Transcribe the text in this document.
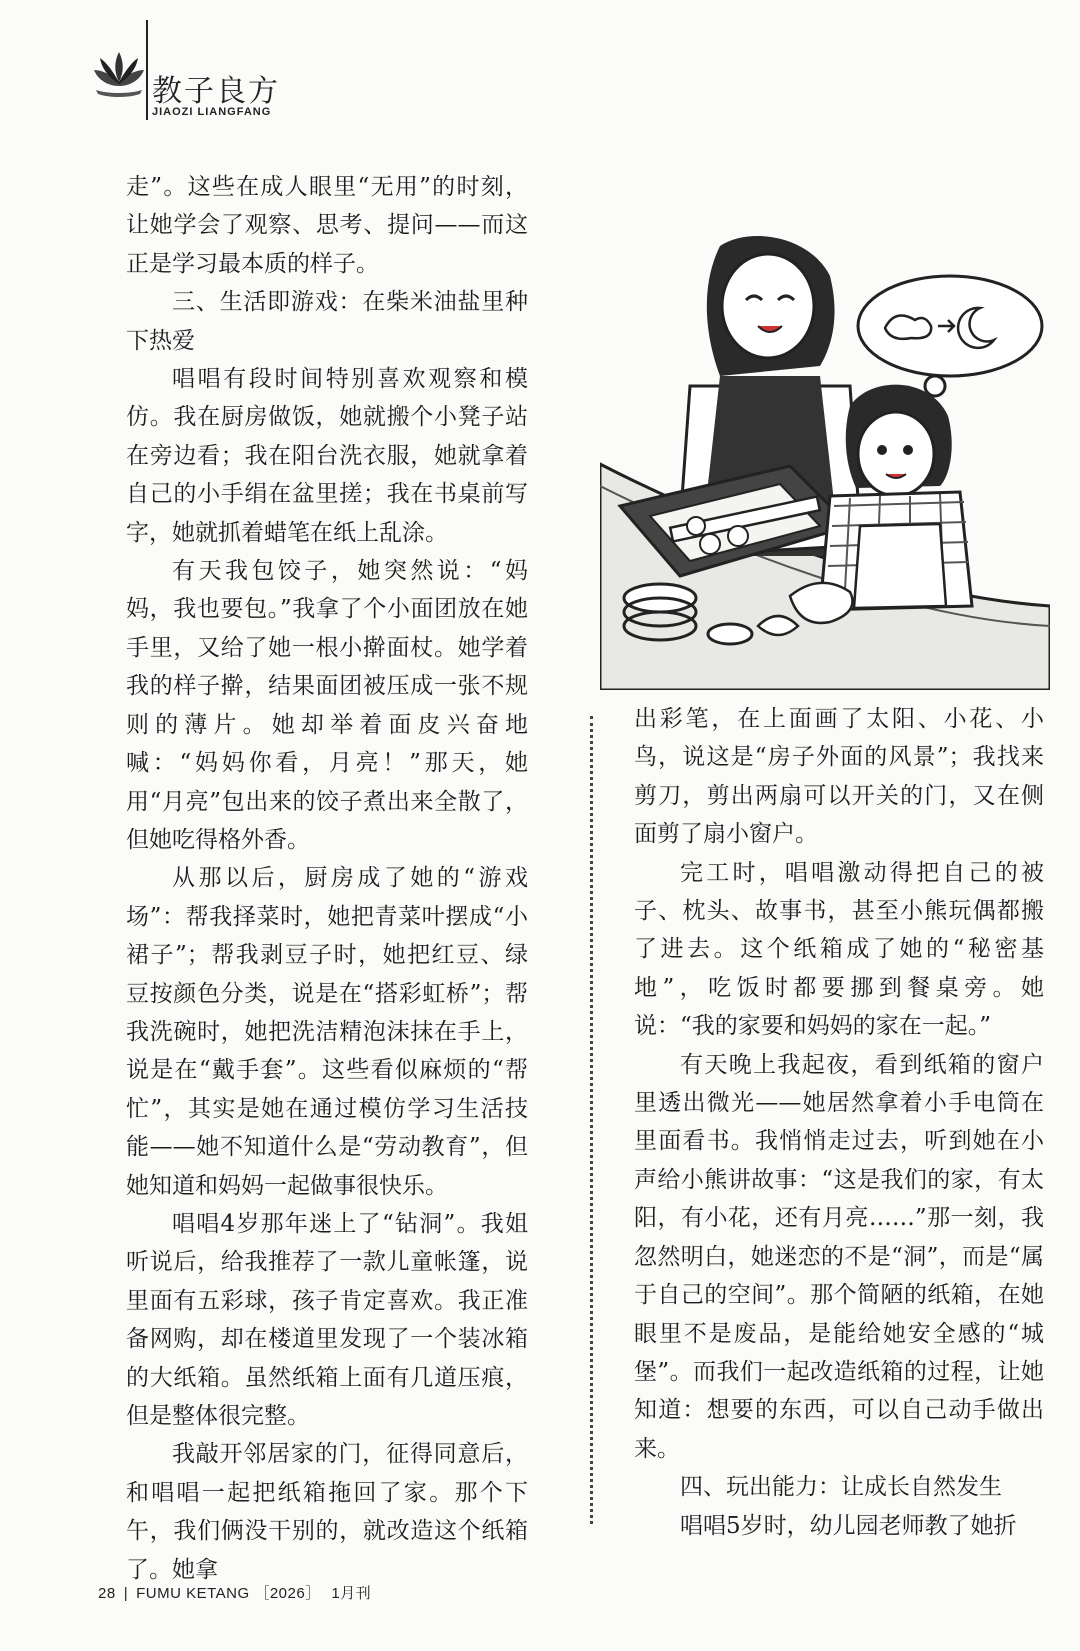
教子良方
JIAOZI LIANGFANG

走”。这些在成人眼里“无用”的时刻，让她学会了观察、思考、提问——而这正是学习最本质的样子。

三、生活即游戏：在柴米油盐里种下热爱

唱唱有段时间特别喜欢观察和模仿。我在厨房做饭，她就搬个小凳子站在旁边看；我在阳台洗衣服，她就拿着自己的小手绢在盆里搓；我在书桌前写字，她就抓着蜡笔在纸上乱涂。

有天我包饺子，她突然说：“妈妈，我也要包。”我拿了个小面团放在她手里，又给了她一根小擀面杖。她学着我的样子擀，结果面团被压成一张不规则的薄片。她却举着面皮兴奋地喊：“妈妈你看，月亮！”那天，她用“月亮”包出来的饺子煮出来全散了，但她吃得格外香。

从那以后，厨房成了她的“游戏场”：帮我择菜时，她把青菜叶摆成“小裙子”；帮我剥豆子时，她把红豆、绿豆按颜色分类，说是在“搭彩虹桥”；帮我洗碗时，她把洗洁精泡沫抹在手上，说是在“戴手套”。这些看似麻烦的“帮忙”，其实是她在通过模仿学习生活技能——她不知道什么是“劳动教育”，但她知道和妈妈一起做事很快乐。

唱唱4岁那年迷上了“钻洞”。我姐听说后，给我推荐了一款儿童帐篷，说里面有五彩球，孩子肯定喜欢。我正准备网购，却在楼道里发现了一个装冰箱的大纸箱。虽然纸箱上面有几道压痕，但是整体很完整。

我敲开邻居家的门，征得同意后，和唱唱一起把纸箱拖回了家。那个下午，我们俩没干别的，就改造这个纸箱了。她拿

出彩笔，在上面画了太阳、小花、小鸟，说这是“房子外面的风景”；我找来剪刀，剪出两扇可以开关的门，又在侧面剪了扇小窗户。

完工时，唱唱激动得把自己的被子、枕头、故事书，甚至小熊玩偶都搬了进去。这个纸箱成了她的“秘密基地”，吃饭时都要挪到餐桌旁。她说：“我的家要和妈妈的家在一起。”

有天晚上我起夜，看到纸箱的窗户里透出微光——她居然拿着小手电筒在里面看书。我悄悄走过去，听到她在小声给小熊讲故事：“这是我们的家，有太阳，有小花，还有月亮……”那一刻，我忽然明白，她迷恋的不是“洞”，而是“属于自己的空间”。那个简陋的纸箱，在她眼里不是废品，是能给她安全感的“城堡”。而我们一起改造纸箱的过程，让她知道：想要的东西，可以自己动手做出来。

四、玩出能力：让成长自然发生

唱唱5岁时，幼儿园老师教了她折

28 | FUMU KETANG ［2026］ 1月刊
